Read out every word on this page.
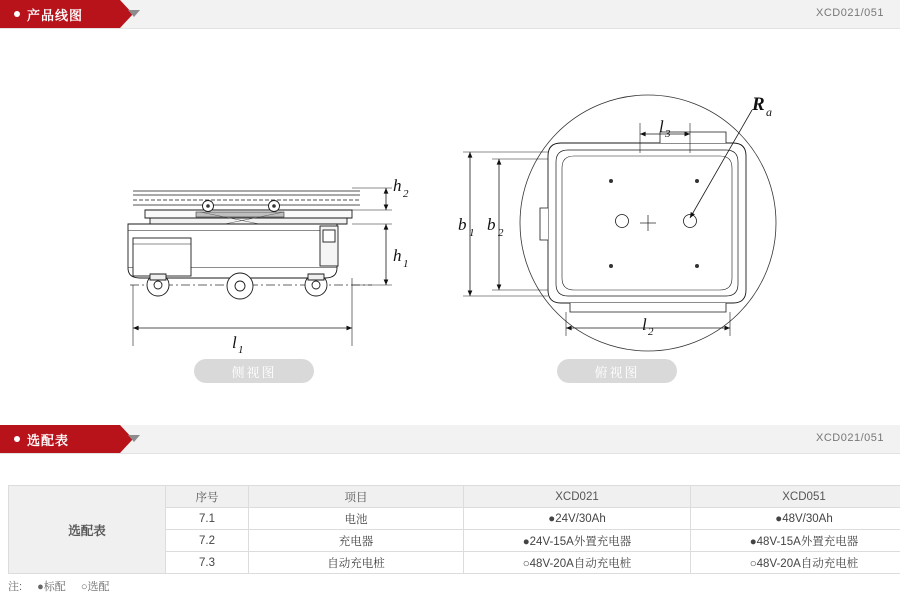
产品线图	XCD021/051
h 2
h 1
l 1
l 2
l 3
b 1 b 2
R a
侧视图	俯视图
选配表	XCD021/051
选配表	序号	项目	XCD021	XCD051
	7.1	电池	●24V/30Ah	●48V/30Ah
	7.2	充电器	●24V-15A外置充电器	●48V-15A外置充电器
	7.3	自动充电桩	○48V-20A自动充电桩	○48V-20A自动充电桩
注: ●标配 ○选配
